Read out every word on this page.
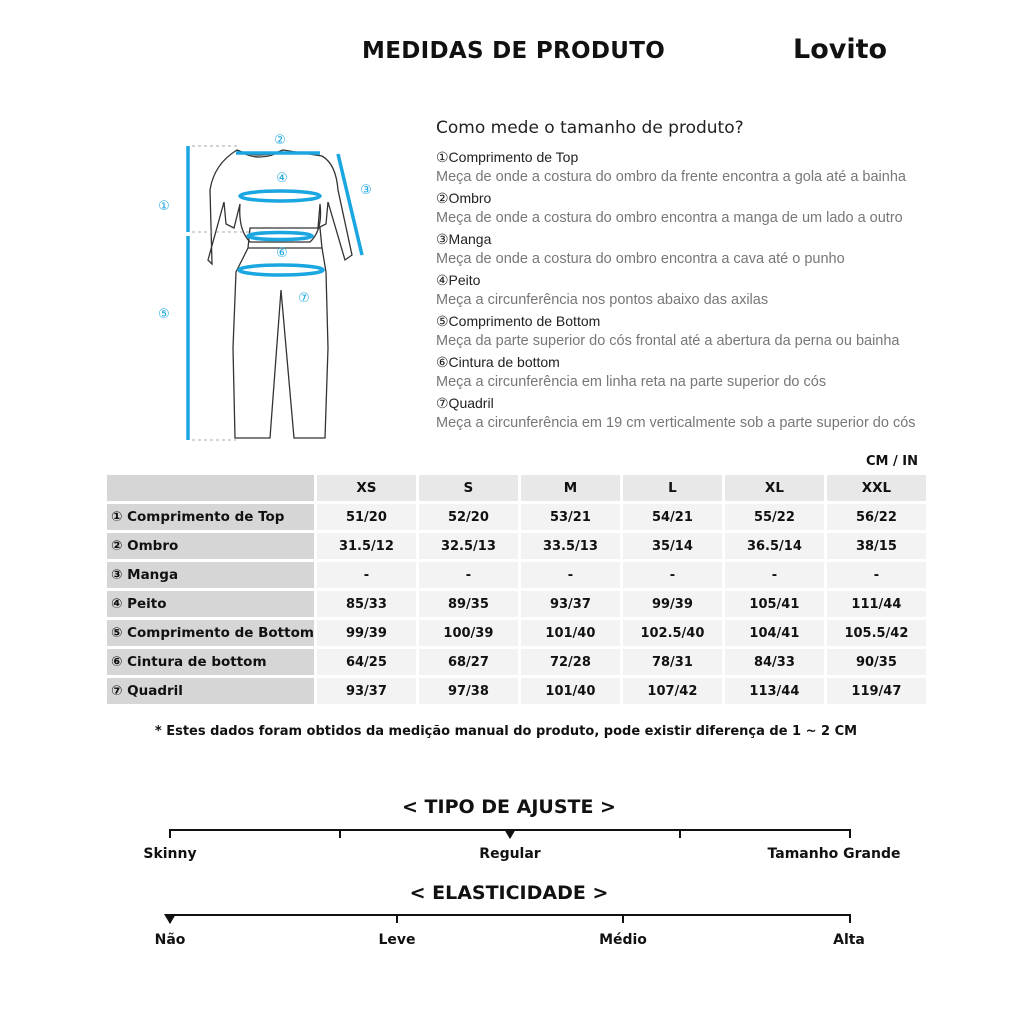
MEDIDAS DE PRODUTO	Lovito
①
②
③
④
⑤
⑥
⑦
Como mede o tamanho de produto?
①Comprimento de Top
Meça de onde a costura do ombro da frente encontra a gola até a bainha
②Ombro
Meça de onde a costura do ombro encontra a manga de um lado a outro
③Manga
Meça de onde a costura do ombro encontra a cava até o punho
④Peito
Meça a circunferência nos pontos abaixo das axilas
⑤Comprimento de Bottom
Meça da parte superior do cós frontal até a abertura da perna ou bainha
⑥Cintura de bottom
Meça a circunferência em linha reta na parte superior do cós
⑦Quadril
Meça a circunferência em 19 cm verticalmente sob a parte superior do cós
CM / IN
	XS	S	M	L	XL	XXL
① Comprimento de Top	51/20	52/20	53/21	54/21	55/22	56/22
② Ombro	31.5/12	32.5/13	33.5/13	35/14	36.5/14	38/15
③ Manga	-	-	-	-	-	-
④ Peito	85/33	89/35	93/37	99/39	105/41	111/44
⑤ Comprimento de Bottom	99/39	100/39	101/40	102.5/40	104/41	105.5/42
⑥ Cintura de bottom	64/25	68/27	72/28	78/31	84/33	90/35
⑦ Quadril	93/37	97/38	101/40	107/42	113/44	119/47
* Estes dados foram obtidos da medição manual do produto, pode existir diferença de 1 ~ 2 CM
< TIPO DE AJUSTE >
Skinny	Regular	Tamanho Grande
< ELASTICIDADE >
Não	Leve	Médio	Alta
